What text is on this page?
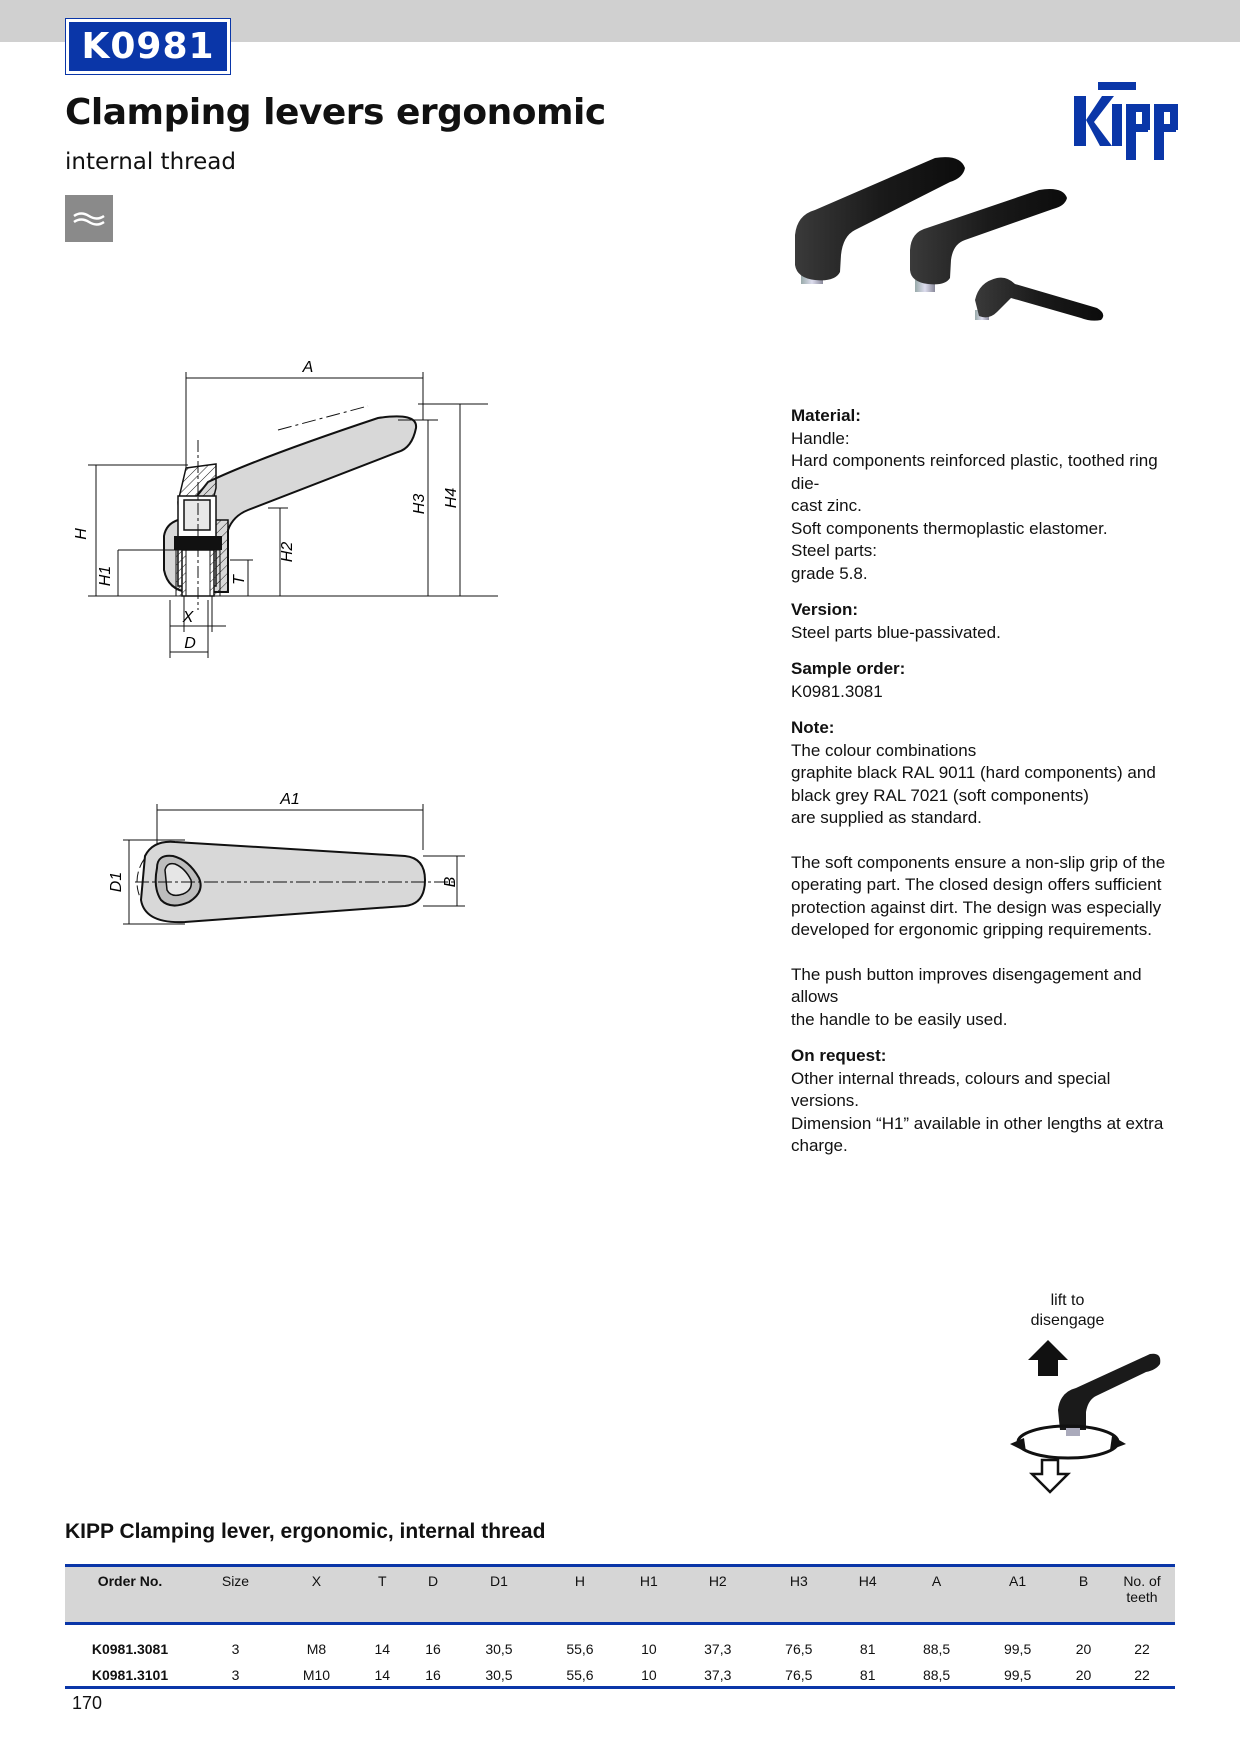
K0981
Clamping levers ergonomic
internal thread
A
H
H1	T
H2
H3 H4
X
D
A1
D1	B

Material:

Handle:

Hard components reinforced plastic, toothed ring die-

cast zinc.

Soft components thermoplastic elastomer.

Steel parts:

grade 5.8.

Version:

Steel parts blue-passivated.

Sample order:

K0981.3081

Note:

The colour combinations

graphite black RAL 9011 (hard components) and

black grey RAL 7021 (soft components)

are supplied as standard.

The soft components ensure a non-slip grip of the

operating part. The closed design offers sufficient

protection against dirt. The design was especially

developed for ergonomic gripping requirements.

The push button improves disengagement and allows

the handle to be easily used.

On request:

Other internal threads, colours and special versions.

Dimension “H1” available in other lengths at extra

charge.

lift to
disengage
KIPP Clamping lever, ergonomic, internal thread
Order No.	Size	X	T	D	D1	H	H1	H2	H3	H4	A	A1	B	No. of teeth
K0981.3081	3	M8	14	16	30,5	55,6	10	37,3	76,5	81	88,5	99,5	20	22
K0981.3101	3	M10	14	16	30,5	55,6	10	37,3	76,5	81	88,5	99,5	20	22
170
